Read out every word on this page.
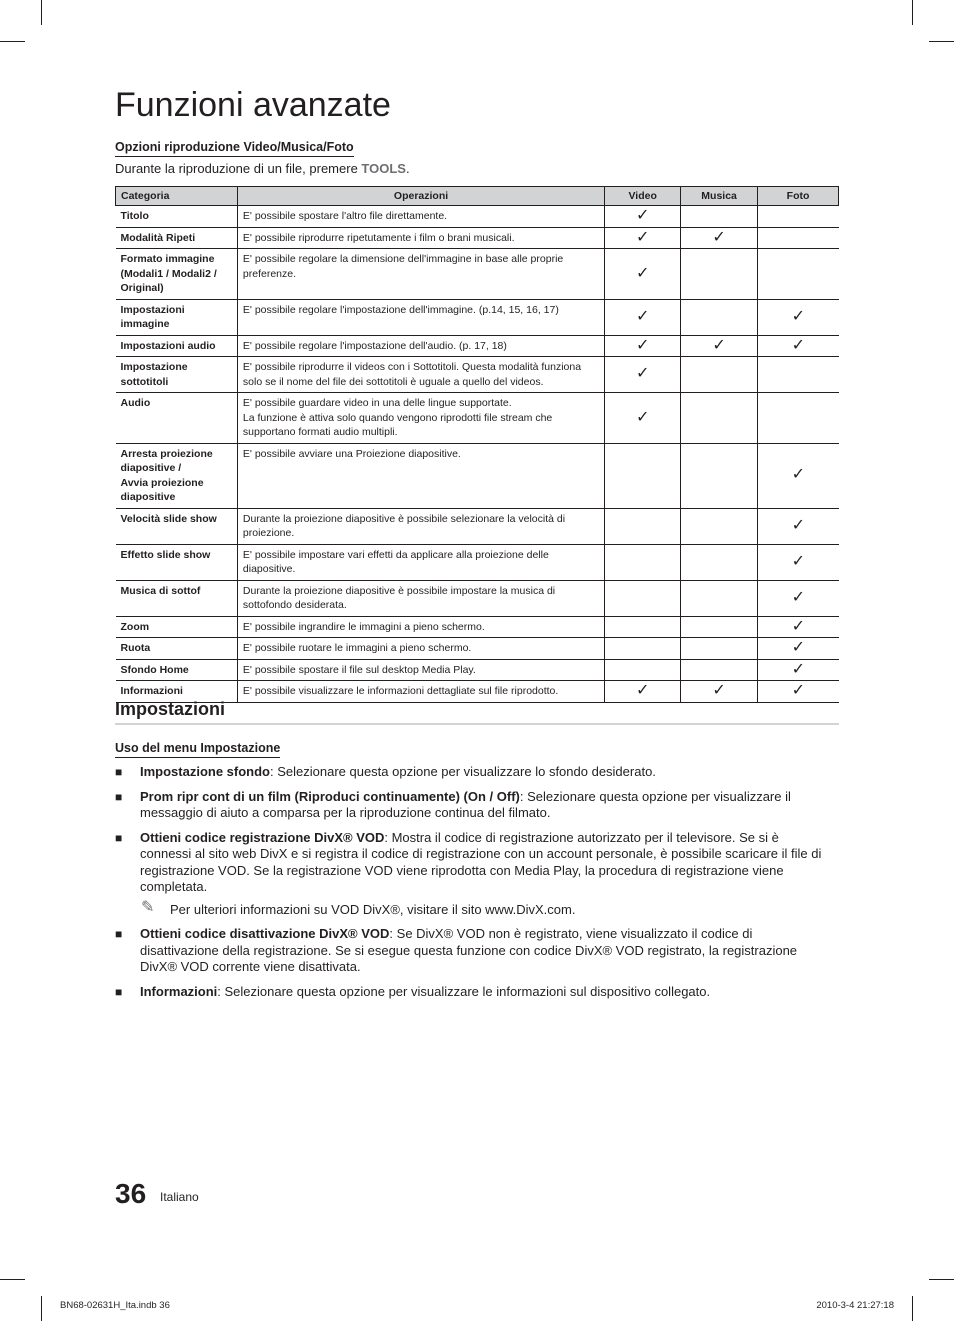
Funzioni avanzate
Opzioni riproduzione Video/Musica/Foto
Durante la riproduzione di un file, premere TOOLS.
Categoria	Operazioni	Video	Musica	Foto
Titolo	E' possibile spostare l'altro file direttamente.	✓		
Modalità Ripeti	E' possibile riprodurre ripetutamente i film o brani musicali.	✓	✓	
Formato immagine (Modali1 / Modali2 / Original)	E' possibile regolare la dimensione dell'immagine in base alle proprie preferenze.	✓		
Impostazioni immagine	E' possibile regolare l'impostazione dell'immagine. (p.14, 15, 16, 17)	✓		✓
Impostazioni audio	E' possibile regolare l'impostazione dell'audio. (p. 17, 18)	✓	✓	✓
Impostazione sottotitoli	E' possibile riprodurre il videos con i Sottotitoli. Questa modalità funziona solo se il nome del file dei sottotitoli è uguale a quello del videos.	✓		
Audio	E' possibile guardare video in una delle lingue supportate.
La funzione è attiva solo quando vengono riprodotti file stream che supportano formati audio multipli.	✓		
Arresta proiezione diapositive /
Avvia proiezione diapositive	E' possibile avviare una Proiezione diapositive.			✓
Velocità slide show	Durante la proiezione diapositive è possibile selezionare la velocità di proiezione.			✓
Effetto slide show	E' possibile impostare vari effetti da applicare alla proiezione delle diapositive.			✓
Musica di sottof	Durante la proiezione diapositive è possibile impostare la musica di sottofondo desiderata.			✓
Zoom	E' possibile ingrandire le immagini a pieno schermo.			✓
Ruota	E' possibile ruotare le immagini a pieno schermo.			✓
Sfondo Home	E' possibile spostare il file sul desktop Media Play.			✓
Informazioni	E' possibile visualizzare le informazioni dettagliate sul file riprodotto.	✓	✓	✓
Impostazioni
Uso del menu Impostazione
■ Impostazione sfondo: Selezionare questa opzione per visualizzare lo sfondo desiderato.
■ Prom ripr cont di un film (Riproduci continuamente) (On / Off): Selezionare questa opzione per visualizzare il messaggio di aiuto a comparsa per la riproduzione continua del filmato.
■ Ottieni codice registrazione DivX® VOD: Mostra il codice di registrazione autorizzato per il televisore. Se si è connessi al sito web DivX e si registra il codice di registrazione con un account personale, è possibile scaricare il file di registrazione VOD. Se la registrazione VOD viene riprodotta con Media Play, la procedura di registrazione viene completata.
✎ Per ulteriori informazioni su VOD DivX®, visitare il sito www.DivX.com.
■ Ottieni codice disattivazione DivX® VOD: Se DivX® VOD non è registrato, viene visualizzato il codice di disattivazione della registrazione. Se si esegue questa funzione con codice DivX® VOD registrato, la registrazione DivX® VOD corrente viene disattivata.
■ Informazioni: Selezionare questa opzione per visualizzare le informazioni sul dispositivo collegato.
36 Italiano
BN68-02631H_Ita.indb 36	2010-3-4 21:27:18
